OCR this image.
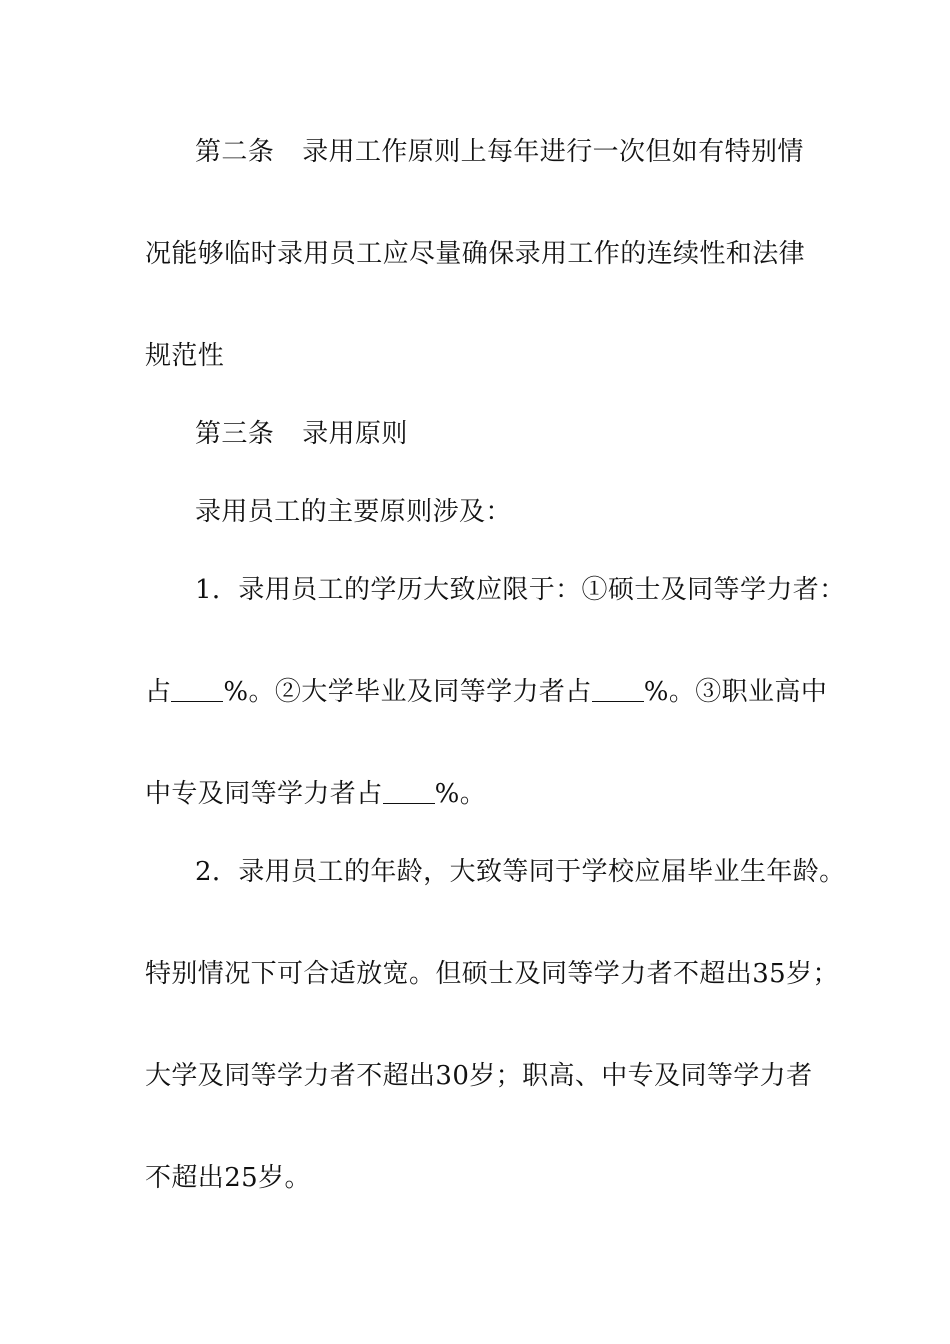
第二条 录用工作原则上每年进行一次但如有特别情
况能够临时录用员工应尽量确保录用工作的连续性和法律
规范性
第三条 录用原则
录用员工的主要原则涉及：
1．录用员工的学历大致应限于：①硕士及同等学力者：
占 %。②大学毕业及同等学力者占 %。③职业高中
中专及同等学力者占 %。
2．录用员工的年龄，大致等同于学校应届毕业生年龄。
特别情况下可合适放宽。但硕士及同等学力者不超出35岁；
大学及同等学力者不超出30岁；职高、中专及同等学力者
不超出25岁。
